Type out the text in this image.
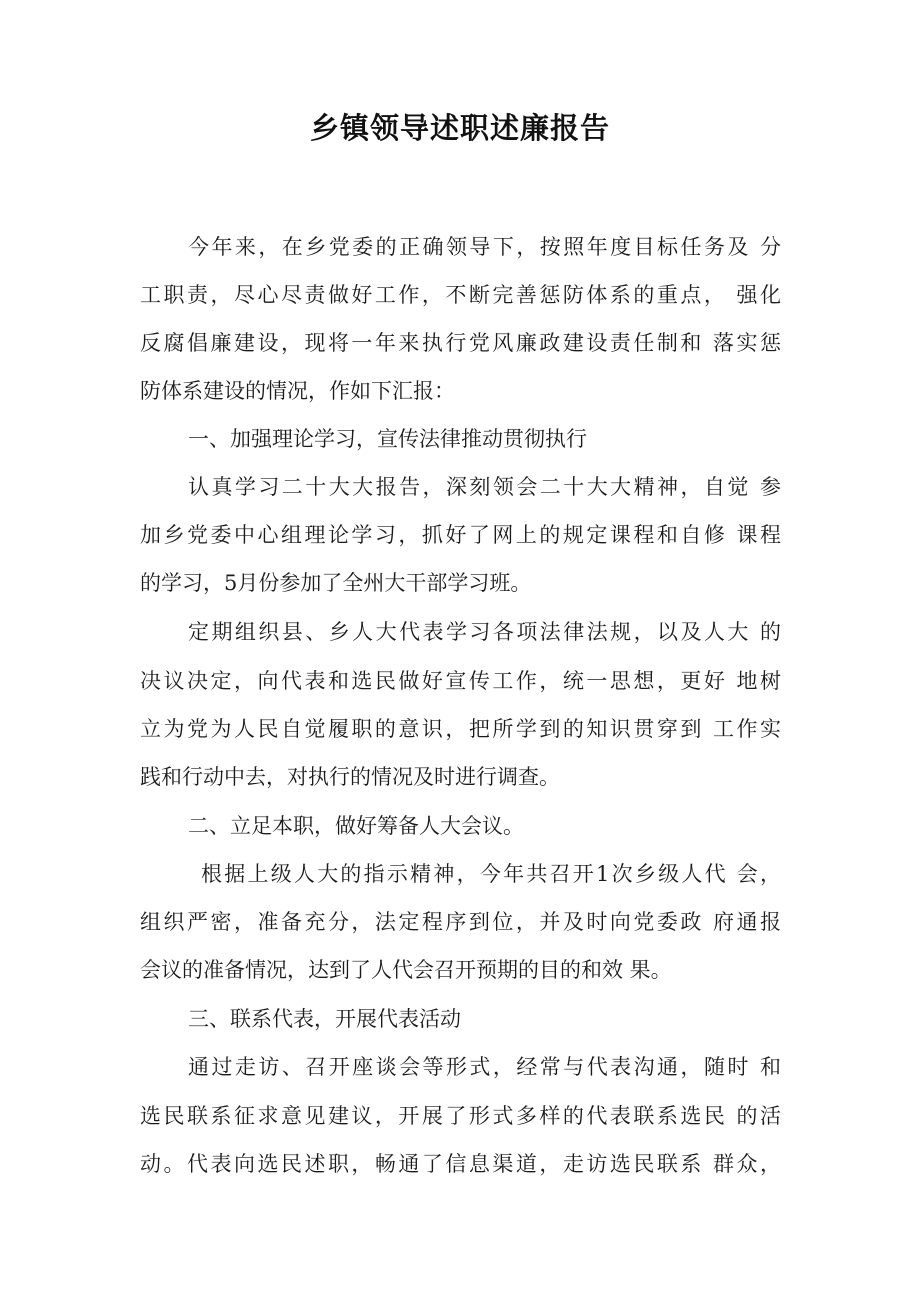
乡镇领导述职述廉报告

今年来，在乡党委的正确领导下，按照年度目标任务及 分

工职责，尽心尽责做好工作，不断完善惩防体系的重点， 强化

反腐倡廉建设，现将一年来执行党风廉政建设责任制和 落实惩

防体系建设的情况，作如下汇报：

一、加强理论学习，宣传法律推动贯彻执行

认真学习二十大大报告，深刻领会二十大大精神，自觉 参

加乡党委中心组理论学习，抓好了网上的规定课程和自修 课程

的学习，5月份参加了全州大干部学习班。

定期组织县、乡人大代表学习各项法律法规，以及人大 的

决议决定，向代表和选民做好宣传工作，统一思想，更好 地树

立为党为人民自觉履职的意识，把所学到的知识贯穿到 工作实

践和行动中去，对执行的情况及时进行调查。

二、立足本职，做好筹备人大会议。

根据上级人大的指示精神，今年共召开1次乡级人代 会，

组织严密，准备充分，法定程序到位，并及时向党委政 府通报

会议的准备情况，达到了人代会召开预期的目的和效 果。

三、联系代表，开展代表活动

通过走访、召开座谈会等形式，经常与代表沟通，随时 和

选民联系征求意见建议，开展了形式多样的代表联系选民 的活

动。代表向选民述职，畅通了信息渠道，走访选民联系 群众，
